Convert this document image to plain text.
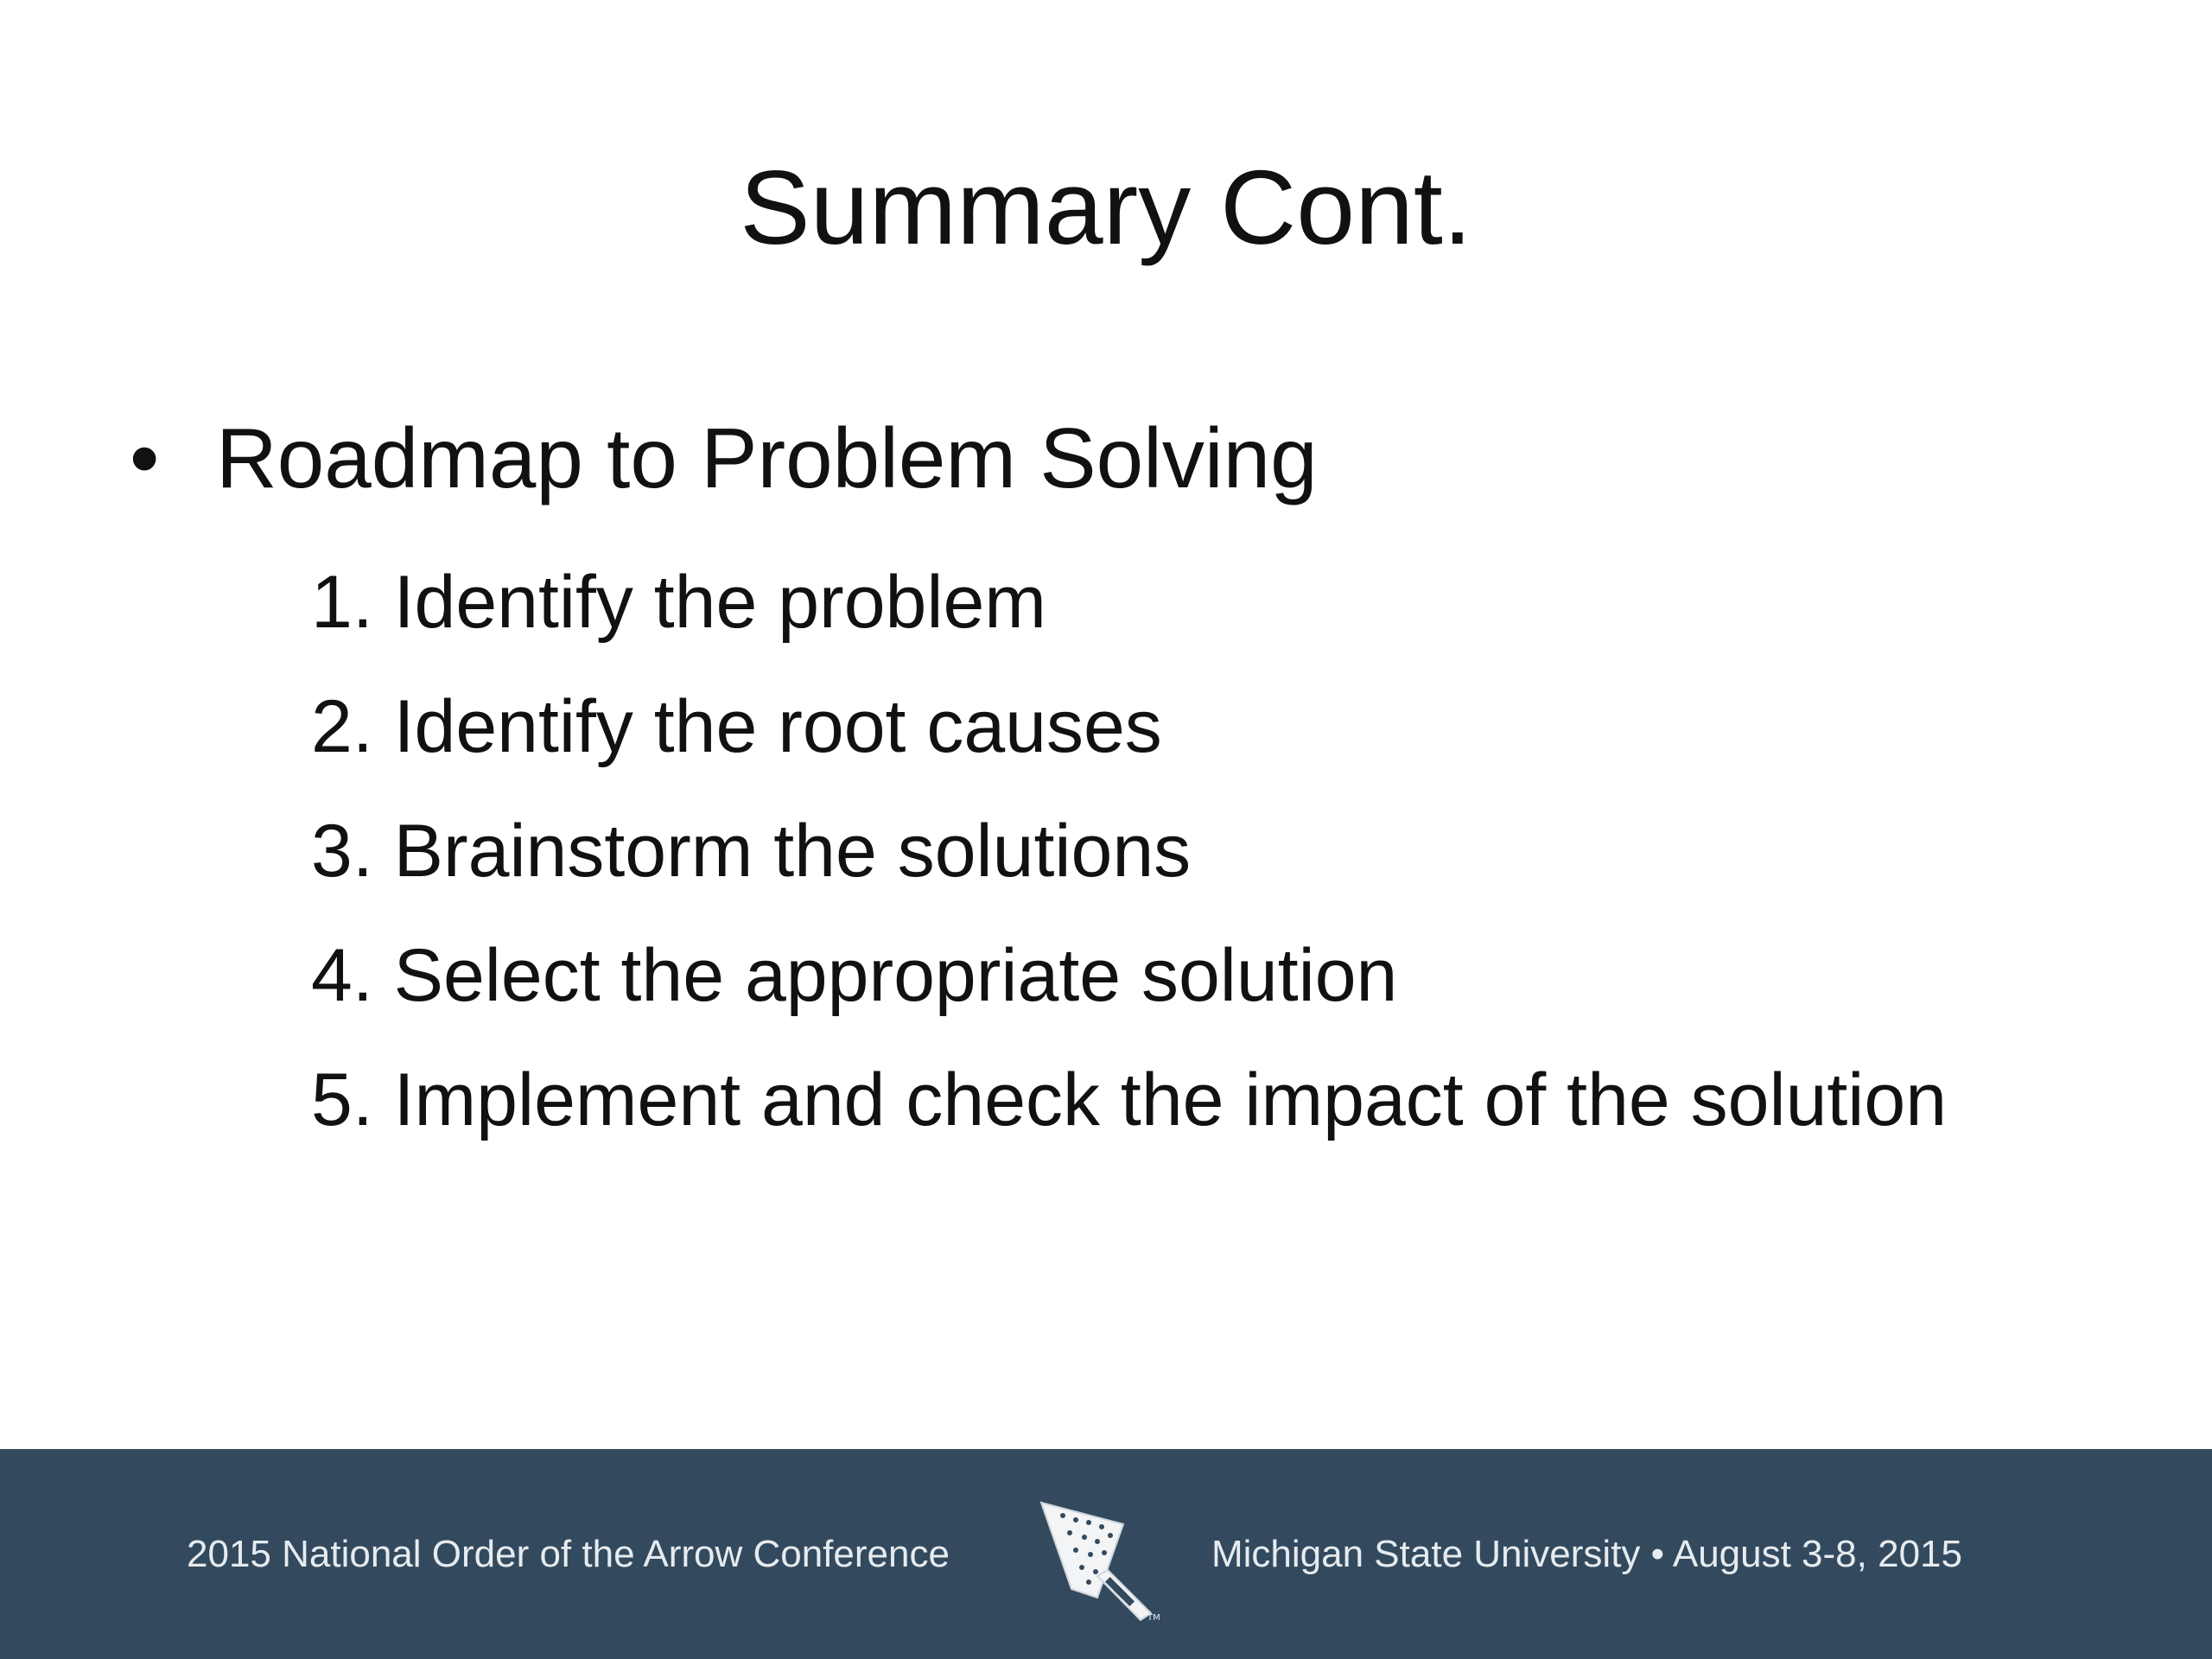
Summary Cont.
• Roadmap to Problem Solving
1. Identify the problem
2. Identify the root causes
3. Brainstorm the solutions
4. Select the appropriate solution
5. Implement and check the impact of the solution
2015 National Order of the Arrow Conference
TM
Michigan State University • August 3-8, 2015
